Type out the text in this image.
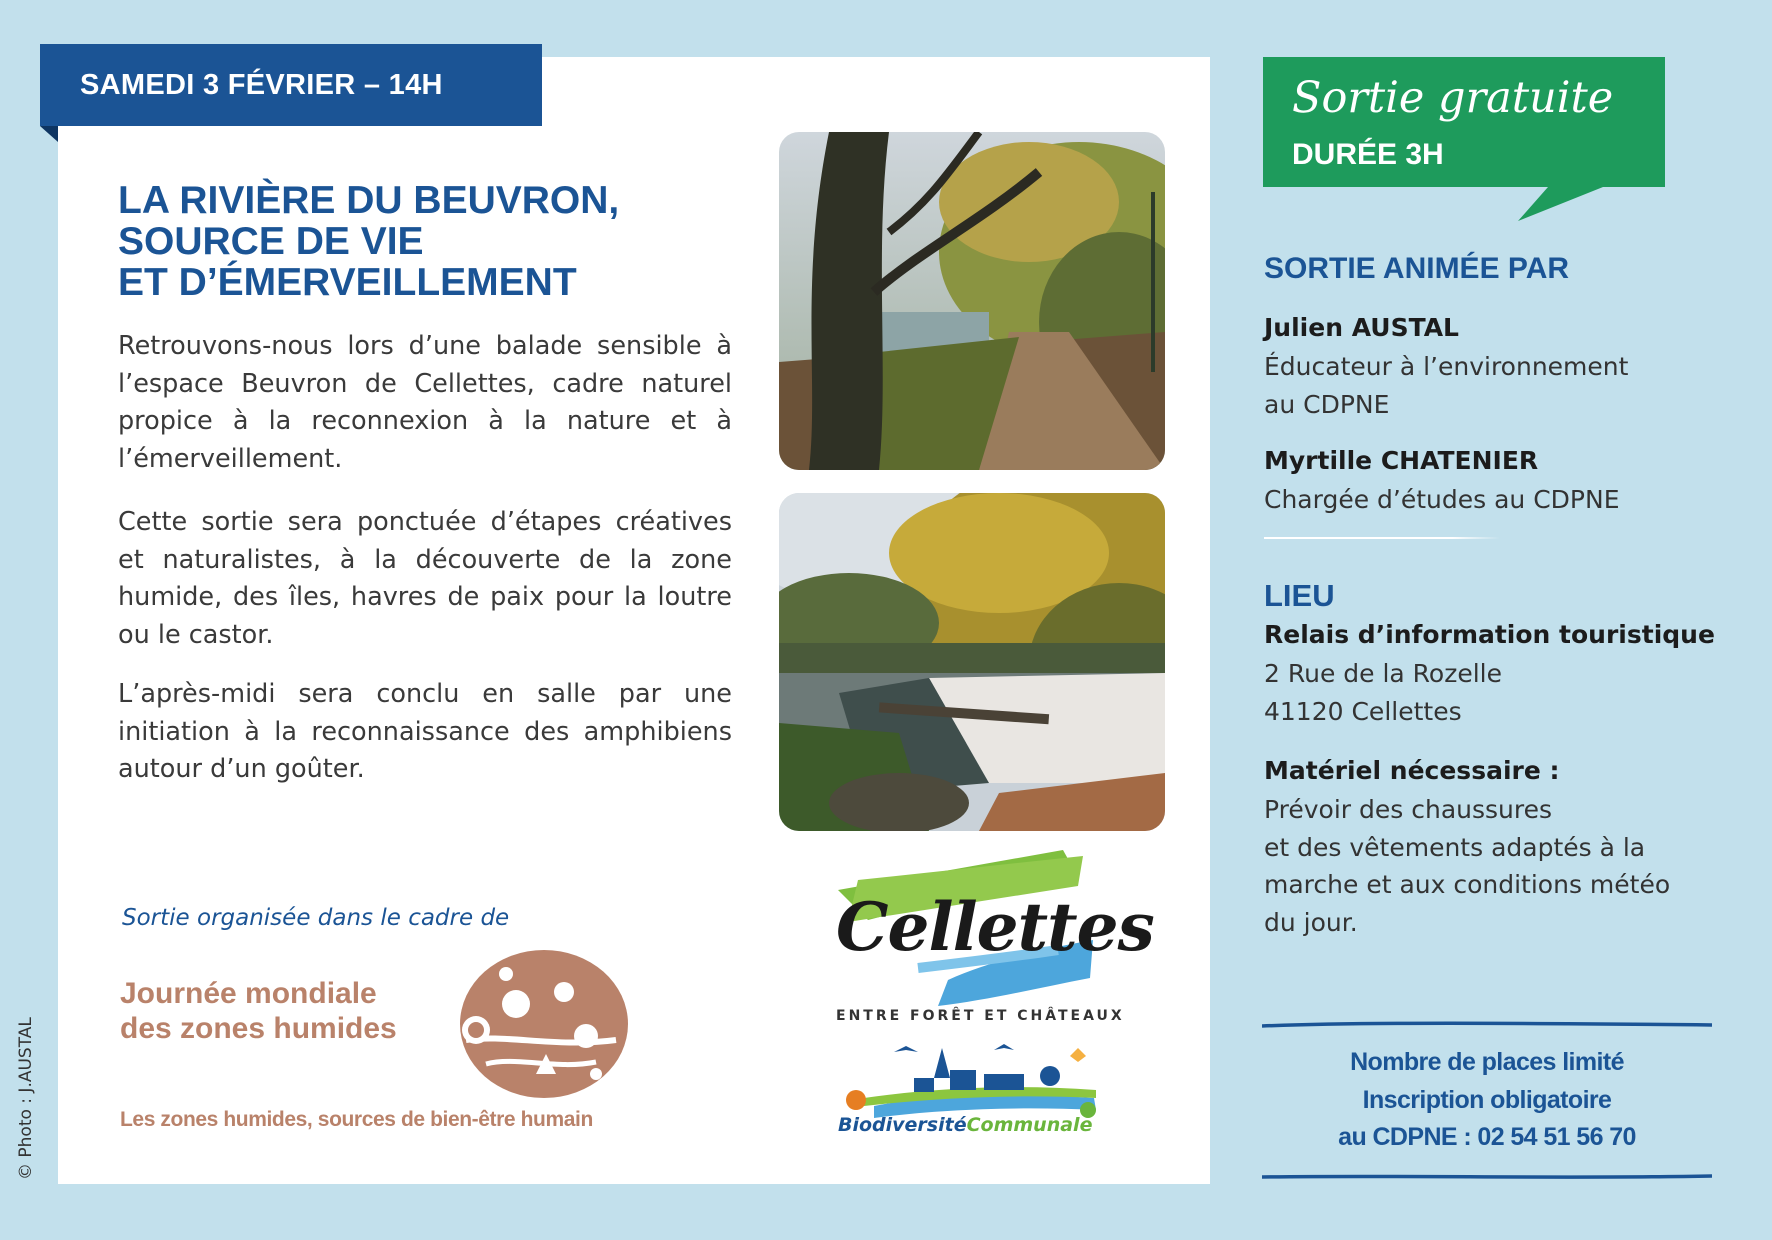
SAMEDI 3 FÉVRIER – 14H
LA RIVIÈRE DU BEUVRON,
SOURCE DE VIE
ET D’ÉMERVEILLEMENT

Retrouvons-nous lors d’une balade sensible à l’espace Beuvron de Cellettes, cadre naturel propice à la reconnexion à la nature et à l’émerveillement.

Cette sortie sera ponctuée d’étapes créatives et naturalistes, à la découverte de la zone humide, des îles, havres de paix pour la loutre ou le castor.

L’après-midi sera conclu en salle par une initiation à la reconnaissance des amphibiens autour d’un goûter.

Sortie organisée dans le cadre de

Journée mondiale
des zones humides

Les zones humides, sources de bien-être humain

Cellettes

ENTRE FORÊT ET CHÂTEAUX

BiodiversitéCommunale

Sortie gratuite

DURÉE 3H

SORTIE ANIMÉE PAR

Julien AUSTAL

Éducateur à l’environnement
au CDPNE

Myrtille CHATENIER

Chargée d’études au CDPNE

LIEU

Relais d’information touristique

2 Rue de la Rozelle
41120 Cellettes

Matériel nécessaire :

Prévoir des chaussures
et des vêtements adaptés à la
marche et aux conditions météo
du jour.

Nombre de places limité
Inscription obligatoire
au CDPNE : 02 54 51 56 70

© Photo : J.AUSTAL
